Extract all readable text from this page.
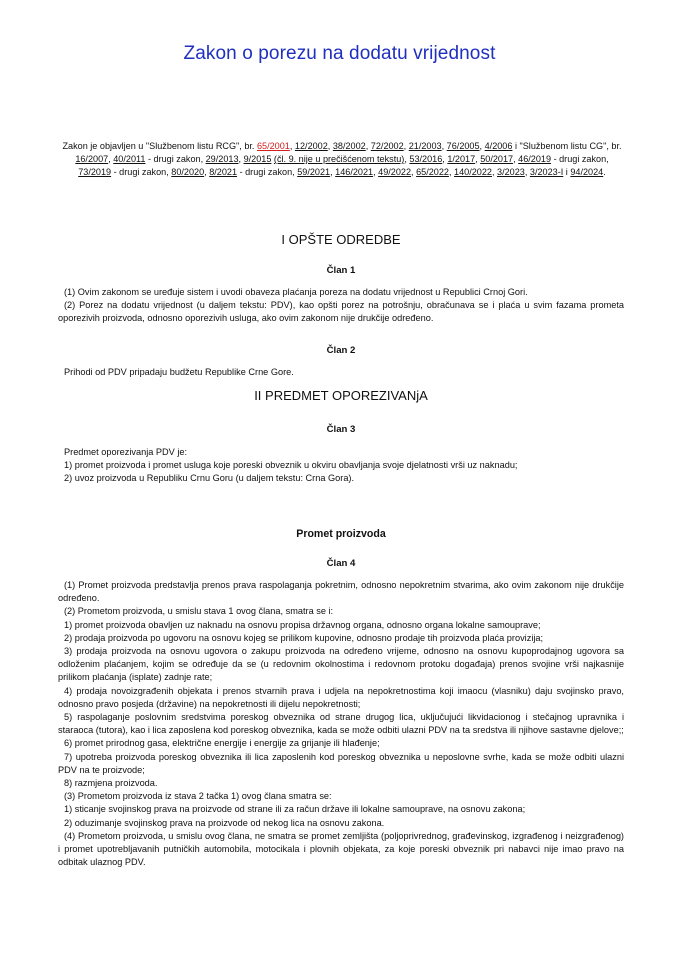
Zakon o porezu na dodatu vrijednost
Zakon je objavljen u "Službenom listu RCG", br. 65/2001, 12/2002, 38/2002, 72/2002, 21/2003, 76/2005, 4/2006 i "Službenom listu CG", br. 16/2007, 40/2011 - drugi zakon, 29/2013, 9/2015 (čl. 9. nije u prečišćenom tekstu), 53/2016, 1/2017, 50/2017, 46/2019 - drugi zakon, 73/2019 - drugi zakon, 80/2020, 8/2021 - drugi zakon, 59/2021, 146/2021, 49/2022, 65/2022, 140/2022, 3/2023, 3/2023-I i 94/2024.
I OPŠTE ODREDBE
Član 1

(1) Ovim zakonom se uređuje sistem i uvodi obaveza plaćanja poreza na dodatu vrijednost u Republici Crnoj Gori.

(2) Porez na dodatu vrijednost (u daljem tekstu: PDV), kao opšti porez na potrošnju, obračunava se i plaća u svim fazama prometa oporezivih proizvoda, odnosno oporezivih usluga, ako ovim zakonom nije drukčije određeno.

Član 2

Prihodi od PDV pripadaju budžetu Republike Crne Gore.

II PREDMET OPOREZIVANjA
Član 3

Predmet oporezivanja PDV je:

1) promet proizvoda i promet usluga koje poreski obveznik u okviru obavljanja svoje djelatnosti vrši uz naknadu;

2) uvoz proizvoda u Republiku Crnu Goru (u daljem tekstu: Crna Gora).

Promet proizvoda
Član 4

(1) Promet proizvoda predstavlja prenos prava raspolaganja pokretnim, odnosno nepokretnim stvarima, ako ovim zakonom nije drukčije određeno.

(2) Prometom proizvoda, u smislu stava 1 ovog člana, smatra se i:

1) promet proizvoda obavljen uz naknadu na osnovu propisa državnog organa, odnosno organa lokalne samouprave;

2) prodaja proizvoda po ugovoru na osnovu kojeg se prilikom kupovine, odnosno prodaje tih proizvoda plaća provizija;

3) prodaja proizvoda na osnovu ugovora o zakupu proizvoda na određeno vrijeme, odnosno na osnovu kupoprodajnog ugovora sa odloženim plaćanjem, kojim se određuje da se (u redovnim okolnostima i redovnom protoku događaja) prenos svojine vrši najkasnije prilikom plaćanja (isplate) zadnje rate;

4) prodaja novoizgrađenih objekata i prenos stvarnih prava i udjela na nepokretnostima koji imaocu (vlasniku) daju svojinsko pravo, odnosno pravo posjeda (državine) na nepokretnosti ili dijelu nepokretnosti;

5) raspolaganje poslovnim sredstvima poreskog obveznika od strane drugog lica, uključujući likvidacionog i stečajnog upravnika i staraoca (tutora), kao i lica zaposlena kod poreskog obveznika, kada se može odbiti ulazni PDV na ta sredstva ili njihove sastavne djelove;;

6) promet prirodnog gasa, električne energije i energije za grijanje ili hlađenje;

7) upotreba proizvoda poreskog obveznika ili lica zaposlenih kod poreskog obveznika u neposlovne svrhe, kada se može odbiti ulazni PDV na te proizvode;

8) razmjena proizvoda.

(3) Prometom proizvoda iz stava 2 tačka 1) ovog člana smatra se:

1) sticanje svojinskog prava na proizvode od strane ili za račun države ili lokalne samouprave, na osnovu zakona;

2) oduzimanje svojinskog prava na proizvode od nekog lica na osnovu zakona.

(4) Prometom proizvoda, u smislu ovog člana, ne smatra se promet zemljišta (poljoprivrednog, građevinskog, izgrađenog i neizgrađenog) i promet upotrebljavanih putničkih automobila, motocikala i plovnih objekata, za koje poreski obveznik pri nabavci nije imao pravo na odbitak ulaznog PDV.
